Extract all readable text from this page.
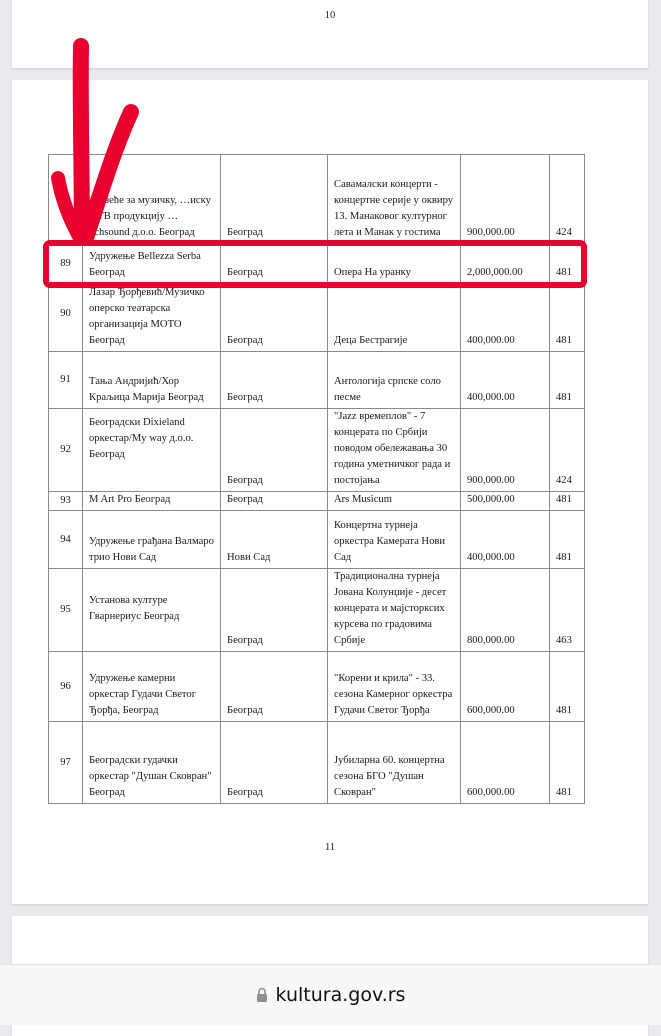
10
	…узеће за музичку, …иску и ТВ продукцију …uchsound д.о.о. Београд	Београд	Савамалски концерти - концертне серије у оквиру 13. Манаковог културног лета и Манак у гостима	900,000.00	424
89	Удружење Bellezza Serba Београд	Београд	Опера На уранку	2,000,000.00	481
90	Лазар Ђорђевић/Музичко оперско театарска организација МОТО Београд	Београд	Деца Бестрагије	400,000.00	481
91	Тања Андријић/Хор Краљица Марија Београд	Београд	Антологија српске соло песме	400,000.00	481
92	Београдски Dixieland оркестар/My way д.о.о. Београд	Београд	"Jazz времеплов" - 7 концерата по Србији поводом обележавања 30 година уметничког рада и постојања	900,000.00	424
93	M Art Pro Београд	Београд	Ars Musicum	500,000.00	481
94	Удружење грађана Валмаро трио Нови Сад	Нови Сад	Концертна турнеја оркестра Камерата Нови Сад	400,000.00	481
95	Установа културе Гварнериус Београд	Београд	Традиционална турнеја Јована Колунџије - десет концерата и мајсторксих курсева по градовима Србије	800,000.00	463
96	Удружење камерни оркестар Гудачи Светог Ђорђа, Београд	Београд	"Корени и крила" - 33. сезона Камерног оркестра Гудачи Светог Ђорђа	600,000.00	481
97	Београдски гудачки оркестар "Душан Сковран" Београд	Београд	Јубиларна 60. концертна сезона БГО "Душан Сковран"	600,000.00	481
11
kultura.gov.rs
